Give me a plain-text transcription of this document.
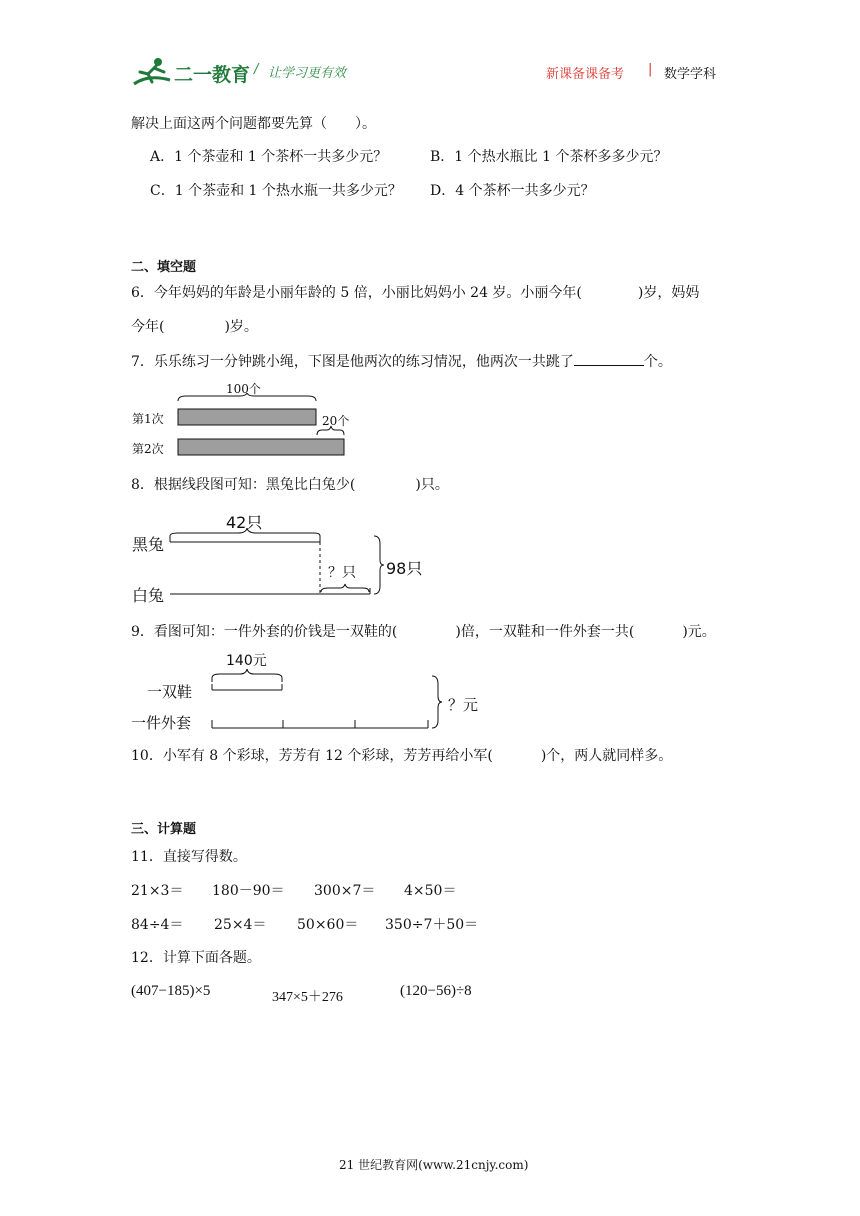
二一教育 / 让学习更有效	新课备课备考 | 数学学科
解决上面这两个问题都要先算（　　）。
A．1 个茶壶和 1 个茶杯一共多少元？	B．1 个热水瓶比 1 个茶杯多多少元？
C．1 个茶壶和 1 个热水瓶一共多少元？ D．4 个茶杯一共多少元？
二、填空题
6．今年妈妈的年龄是小丽年龄的 5 倍，小丽比妈妈小 24 岁。小丽今年(	)岁，妈妈
今年(	)岁。
7．乐乐练习一分钟跳小绳，下图是他两次的练习情况，他两次一共跳了	个。
100个
20个
第1次
第2次
8．根据线段图可知：黑兔比白兔少(	)只。
42只
黑兔
白兔
？只 98只
9．看图可知：一件外套的价钱是一双鞋的(	)倍，一双鞋和一件外套一共(	)元。
140元
一双鞋
一件外套
？元
10．小军有 8 个彩球，芳芳有 12 个彩球，芳芳再给小军(	)个，两人就同样多。
三、计算题
11．直接写得数。
21×3＝ 180－90＝ 300×7＝ 4×50＝
84÷4＝ 25×4＝ 50×60＝ 350÷7＋50＝
12．计算下面各题。
(407−185)×5	347×5＋276	(120−56)÷8
21 世纪教育网(www.21cnjy.com)
